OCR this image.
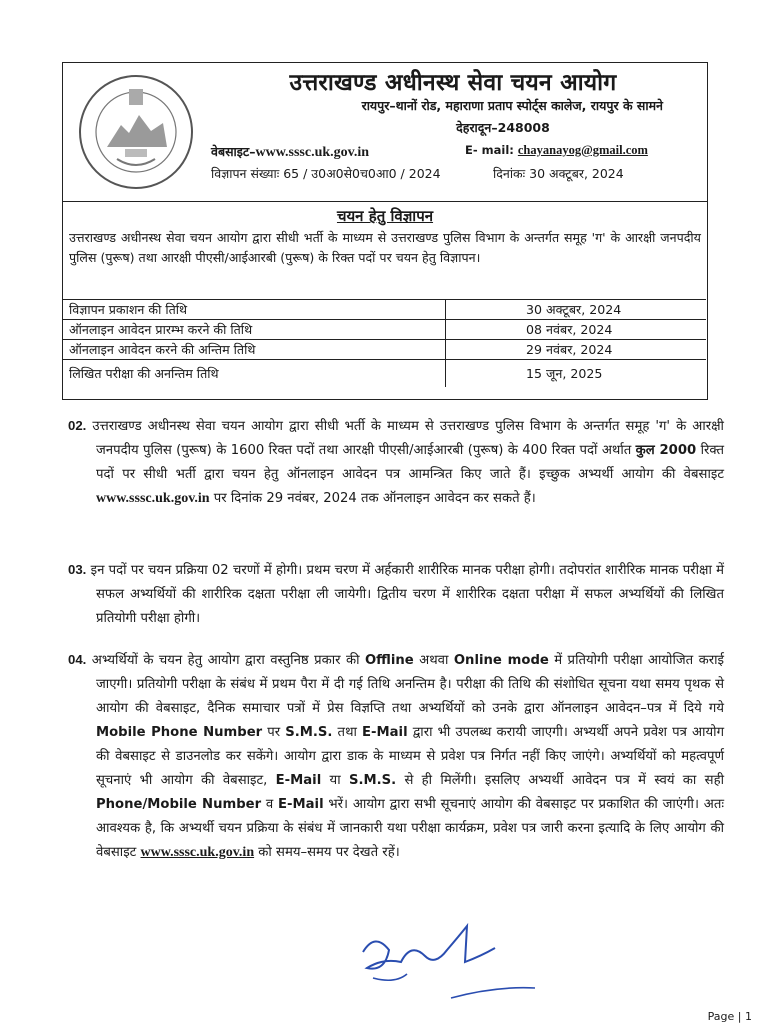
उत्तराखण्ड अधीनस्थ सेवा चयन आयोग
रायपुर–थानों रोड, महाराणा प्रताप स्पोर्ट्स कालेज, रायपुर के सामने
देहरादून–248008
वेबसाइट–www.sssc.uk.gov.in	E- mail: chayanayog@gmail.com
विज्ञापन संख्याः 65 / उ0अ0से0च0आ0 / 2024	दिनांकः 30 अक्टूबर, 2024
चयन हेतु विज्ञापन
उत्तराखण्ड अधीनस्थ सेवा चयन आयोग द्वारा सीधी भर्ती के माध्यम से उत्तराखण्ड पुलिस विभाग के अन्तर्गत समूह 'ग' के आरक्षी जनपदीय पुलिस (पुरूष) तथा आरक्षी पीएसी/आईआरबी (पुरूष) के रिक्त पदों पर चयन हेतु विज्ञापन।
विज्ञापन प्रकाशन की तिथि	30 अक्टूबर, 2024
ऑनलाइन आवेदन प्रारम्भ करने की तिथि	08 नवंबर, 2024
ऑनलाइन आवेदन करने की अन्तिम तिथि	29 नवंबर, 2024
लिखित परीक्षा की अनन्तिम तिथि	15 जून, 2025
02. उत्तराखण्ड अधीनस्थ सेवा चयन आयोग द्वारा सीधी भर्ती के माध्यम से उत्तराखण्ड पुलिस विभाग के अन्तर्गत समूह 'ग' के आरक्षी जनपदीय पुलिस (पुरूष) के 1600 रिक्त पदों तथा आरक्षी पीएसी/आईआरबी (पुरूष) के 400 रिक्त पदों अर्थात कुल 2000 रिक्त पदों पर सीधी भर्ती द्वारा चयन हेतु ऑनलाइन आवेदन पत्र आमन्त्रित किए जाते हैं। इच्छुक अभ्यर्थी आयोग की वेबसाइट www.sssc.uk.gov.in पर दिनांक 29 नवंबर, 2024 तक ऑनलाइन आवेदन कर सकते हैं।
03. इन पदों पर चयन प्रक्रिया 02 चरणों में होगी। प्रथम चरण में अर्हकारी शारीरिक मानक परीक्षा होगी। तदोपरांत शारीरिक मानक परीक्षा में सफल अभ्यर्थियों की शारीरिक दक्षता परीक्षा ली जायेगी। द्वितीय चरण में शारीरिक दक्षता परीक्षा में सफल अभ्यर्थियों की लिखित प्रतियोगी परीक्षा होगी।
04. अभ्यर्थियों के चयन हेतु आयोग द्वारा वस्तुनिष्ठ प्रकार की Offline अथवा Online mode में प्रतियोगी परीक्षा आयोजित कराई जाएगी। प्रतियोगी परीक्षा के संबंध में प्रथम पैरा में दी गई तिथि अनन्तिम है। परीक्षा की तिथि की संशोधित सूचना यथा समय पृथक से आयोग की वेबसाइट, दैनिक समाचार पत्रों में प्रेस विज्ञप्ति तथा अभ्यर्थियों को उनके द्वारा ऑनलाइन आवेदन–पत्र में दिये गये Mobile Phone Number पर S.M.S. तथा E-Mail द्वारा भी उपलब्ध करायी जाएगी। अभ्यर्थी अपने प्रवेश पत्र आयोग की वेबसाइट से डाउनलोड कर सकेंगे। आयोग द्वारा डाक के माध्यम से प्रवेश पत्र निर्गत नहीं किए जाएंगे। अभ्यर्थियों को महत्वपूर्ण सूचनाएं भी आयोग की वेबसाइट, E-Mail या S.M.S. से ही मिलेंगी। इसलिए अभ्यर्थी आवेदन पत्र में स्वयं का सही Phone/Mobile Number व E-Mail भरें। आयोग द्वारा सभी सूचनाएं आयोग की वेबसाइट पर प्रकाशित की जाएंगी। अतः आवश्यक है, कि अभ्यर्थी चयन प्रक्रिया के संबंध में जानकारी यथा परीक्षा कार्यक्रम, प्रवेश पत्र जारी करना इत्यादि के लिए आयोग की वेबसाइट www.sssc.uk.gov.in को समय–समय पर देखते रहें।
Page | 1
